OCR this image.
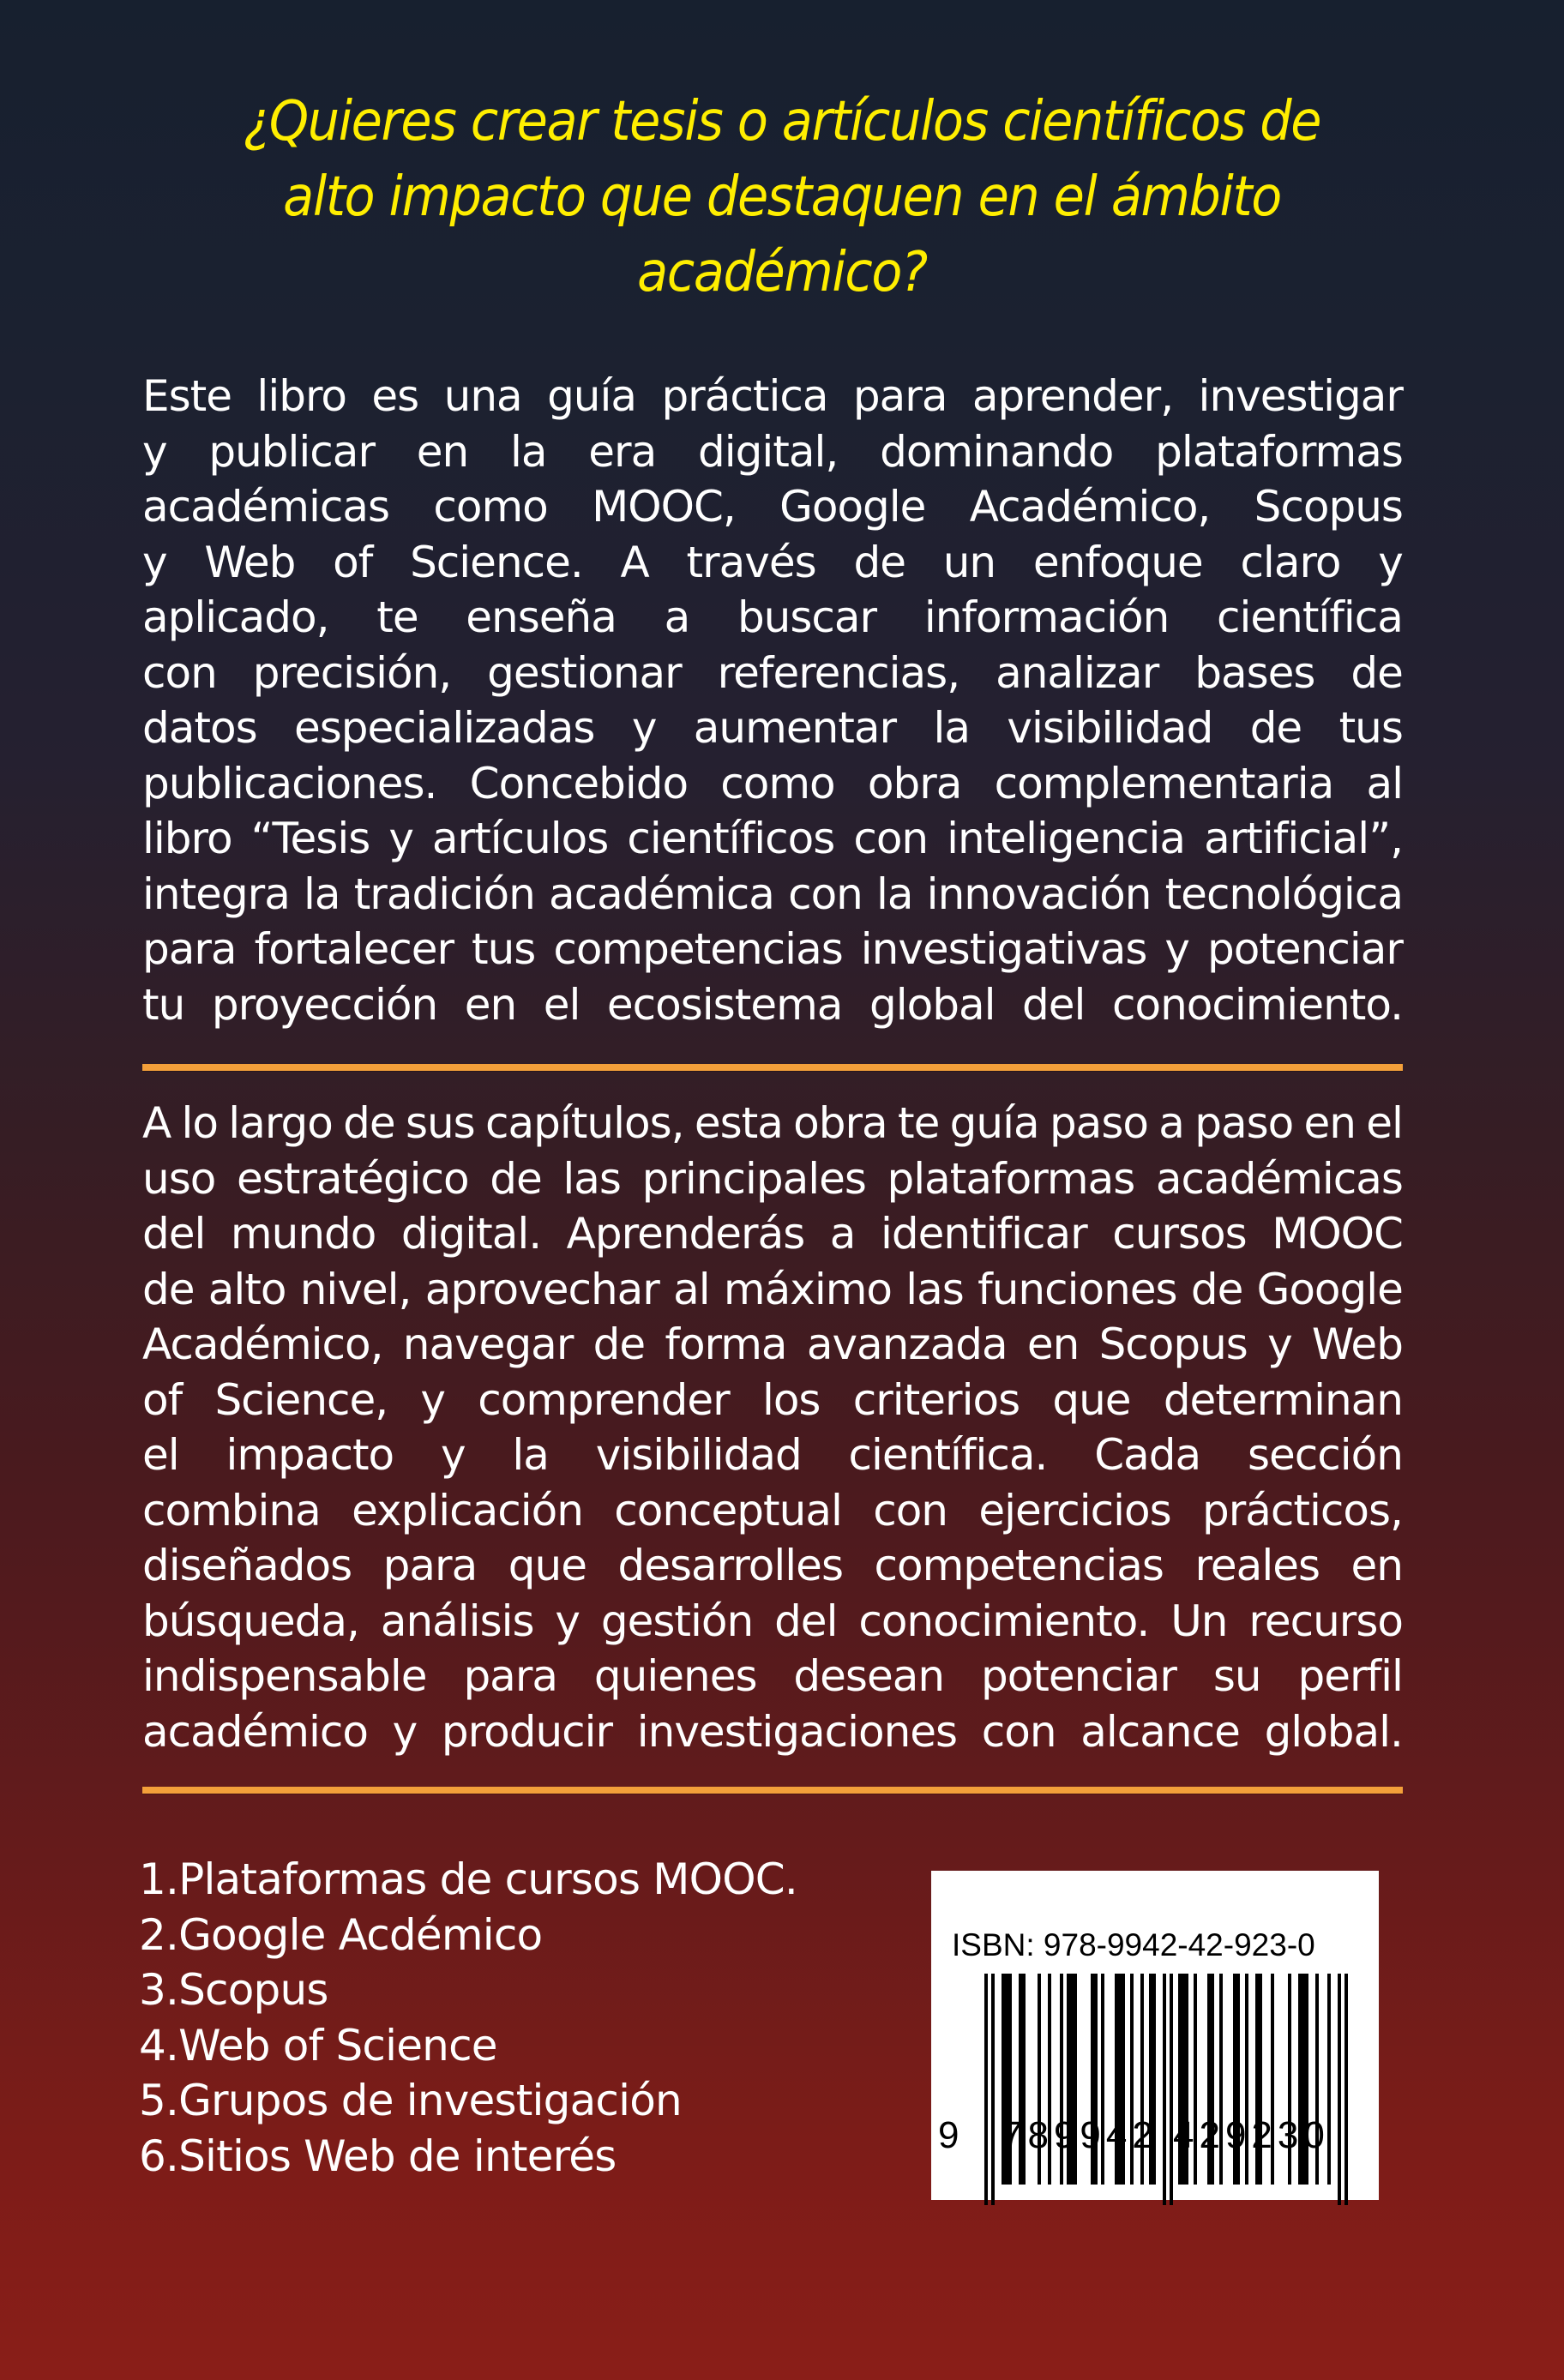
¿Quieres crear tesis o artículos científicos de
alto impacto que destaquen en el ámbito
académico?
Este libro es una guía práctica para aprender, investigar
y publicar en la era digital, dominando plataformas
académicas como MOOC, Google Académico, Scopus
y Web of Science. A través de un enfoque claro y
aplicado, te enseña a buscar información científica
con precisión, gestionar referencias, analizar bases de
datos especializadas y aumentar la visibilidad de tus
publicaciones. Concebido como obra complementaria al
libro “Tesis y artículos científicos con inteligencia artificial”,
integra la tradición académica con la innovación tecnológica
para fortalecer tus competencias investigativas y potenciar
tu proyección en el ecosistema global del conocimiento.
A lo largo de sus capítulos, esta obra te guía paso a paso en el
uso estratégico de las principales plataformas académicas
del mundo digital. Aprenderás a identificar cursos MOOC
de alto nivel, aprovechar al máximo las funciones de Google
Académico, navegar de forma avanzada en Scopus y Web
of Science, y comprender los criterios que determinan
el impacto y la visibilidad científica. Cada sección
combina explicación conceptual con ejercicios prácticos,
diseñados para que desarrolles competencias reales en
búsqueda, análisis y gestión del conocimiento. Un recurso
indispensable para quienes desean potenciar su perfil
académico y producir investigaciones con alcance global.
1.Plataformas de cursos MOOC.
2.Google Acdémico
3.Scopus
4.Web of Science
5.Grupos de investigación
6.Sitios Web de interés
ISBN: 978-9942-42-923-0
9 789942 429230
